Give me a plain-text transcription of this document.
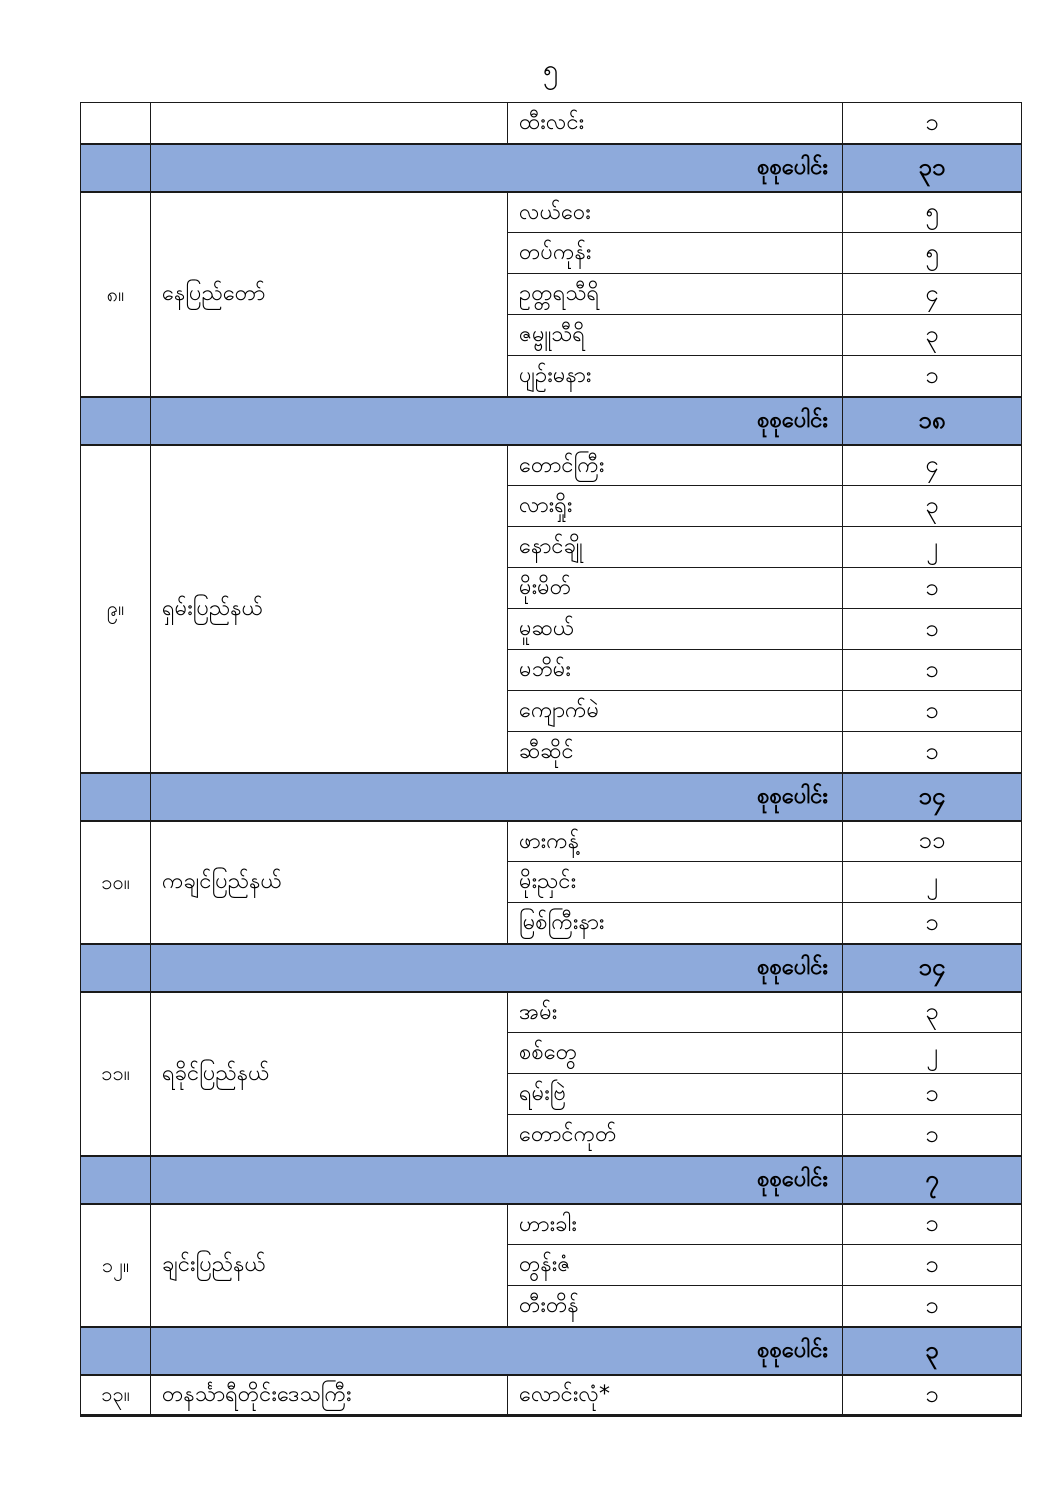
၅
		ထီးလင်း	၁
	စုစုပေါင်း		၃၁
၈။	နေပြည်တော်	လယ်ဝေး	၅
		တပ်ကုန်း	၅
		ဥတ္တရသီရိ	၄
		ဇမ္ဗူသီရိ	၃
		ပျဉ်းမနား	၁
	စုစုပေါင်း		၁၈
၉။	ရှမ်းပြည်နယ်	တောင်ကြီး	၄
		လားရှိုး	၃
		နောင်ချို	၂
		မိုးမိတ်	၁
		မူဆယ်	၁
		မဘိမ်း	၁
		ကျောက်မဲ	၁
		ဆီဆိုင်	၁
	စုစုပေါင်း		၁၄
၁၀။	ကချင်ပြည်နယ်	ဖားကန့်	၁၁
		မိုးညှင်း	၂
		မြစ်ကြီးနား	၁
	စုစုပေါင်း		၁၄
၁၁။	ရခိုင်ပြည်နယ်	အမ်း	၃
		စစ်တွေ	၂
		ရမ်းဗြဲ	၁
		တောင်ကုတ်	၁
	စုစုပေါင်း		၇
၁၂။	ချင်းပြည်နယ်	ဟားခါး	၁
		တွန်းဇံ	၁
		တီးတိန်	၁
	စုစုပေါင်း		၃
၁၃။	တနင်္သာရီတိုင်းဒေသကြီး	လောင်းလုံ*	၁
